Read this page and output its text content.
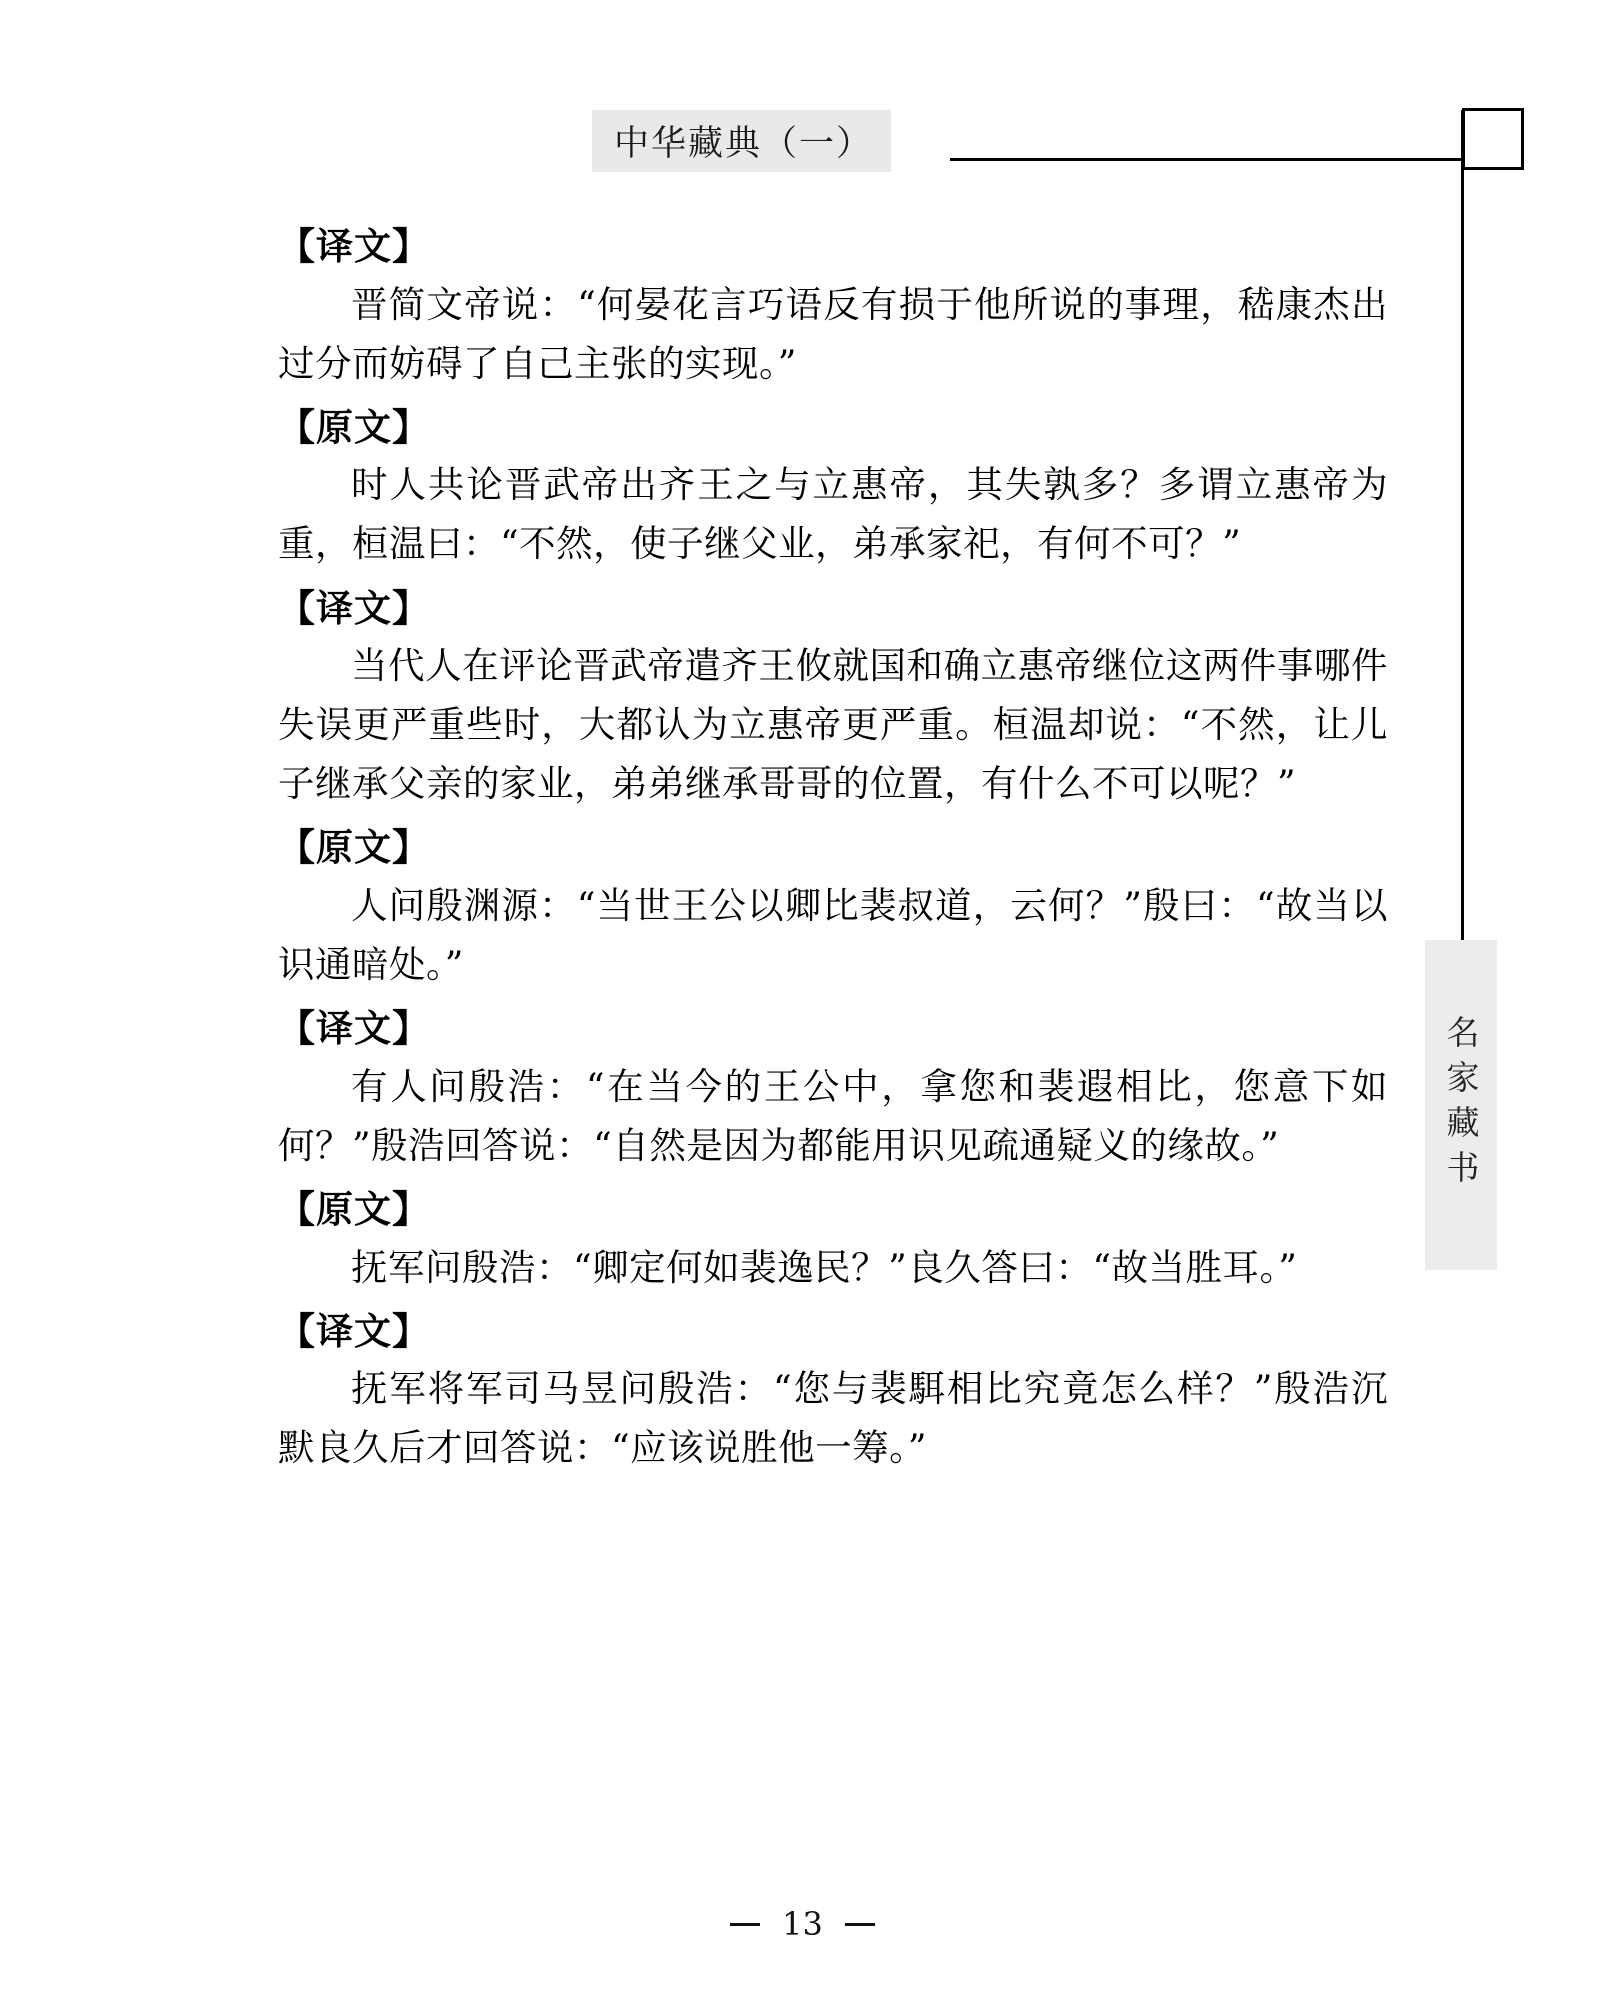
中华藏典（一）
名家藏书
【译文】

晋简文帝说：“何晏花言巧语反有损于他所说的事理，嵇康杰出过分而妨碍了自己主张的实现。”

【原文】

时人共论晋武帝出齐王之与立惠帝，其失孰多？多谓立惠帝为重，桓温曰：“不然，使子继父业，弟承家祀，有何不可？”

【译文】

当代人在评论晋武帝遣齐王攸就国和确立惠帝继位这两件事哪件失误更严重些时，大都认为立惠帝更严重。桓温却说：“不然，让儿子继承父亲的家业，弟弟继承哥哥的位置，有什么不可以呢？”

【原文】

人问殷渊源：“当世王公以卿比裴叔道，云何？”殷曰：“故当以识通暗处。”

【译文】

有人问殷浩：“在当今的王公中，拿您和裴遐相比，您意下如何？”殷浩回答说：“自然是因为都能用识见疏通疑义的缘故。”

【原文】

抚军问殷浩：“卿定何如裴逸民？”良久答曰：“故当胜耳。”

【译文】

抚军将军司马昱问殷浩：“您与裴駬相比究竟怎么样？”殷浩沉默良久后才回答说：“应该说胜他一筹。”

13
